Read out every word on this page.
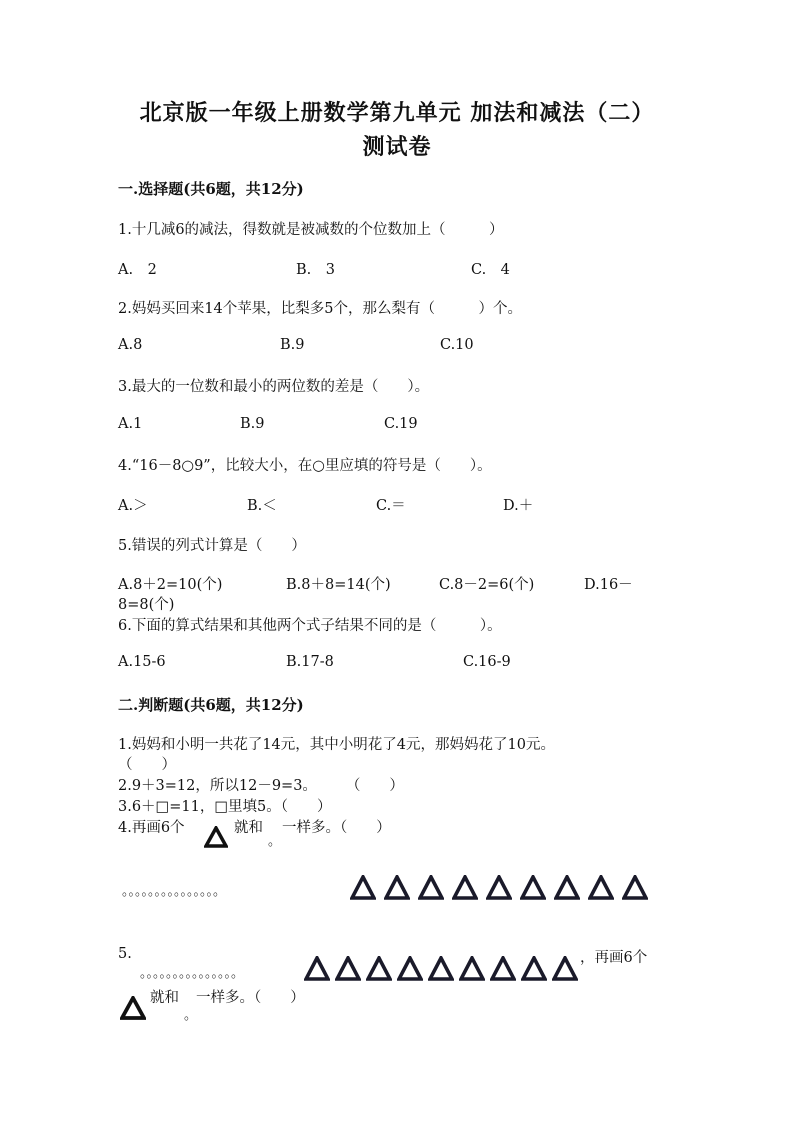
北京版一年级上册数学第九单元 加法和减法（二）
测试卷
一.选择题(共6题，共12分)
1.十几减6的减法，得数就是被减数的个位数加上（　　　）
A.　2	B.　3	C.　4
2.妈妈买回来14个苹果，比梨多5个，那么梨有（　　　）个。
A.8	B.9	C.10
3.最大的一位数和最小的两位数的差是（　　）。
A.1	B.9	C.19
4.“16－8○9”，比较大小，在○里应填的符号是（　　）。
A.＞	B.＜	C.＝	D.＋
5.错误的列式计算是（　　）
A.8＋2=10(个)	B.8＋8=14(个)	C.8－2=6(个)	D.16－
8=8(个)
6.下面的算式结果和其他两个式子结果不同的是（　　　）。
A.15-6	B.17-8	C.16-9
二.判断题(共6题，共12分)
1.妈妈和小明一共花了14元，其中小明花了4元，那妈妈花了10元。
（　　）
2.9＋3=12，所以12－9=3。　　　（　　）
3.6＋□=11，□里填5。（　　）
4.再画6个	就和
。
一样多。（　　）
。。。。。。。。。。。。。。。
5.
。。。。。。。。。。。。。。。
，再画6个
就和
。
一样多。（　　）
